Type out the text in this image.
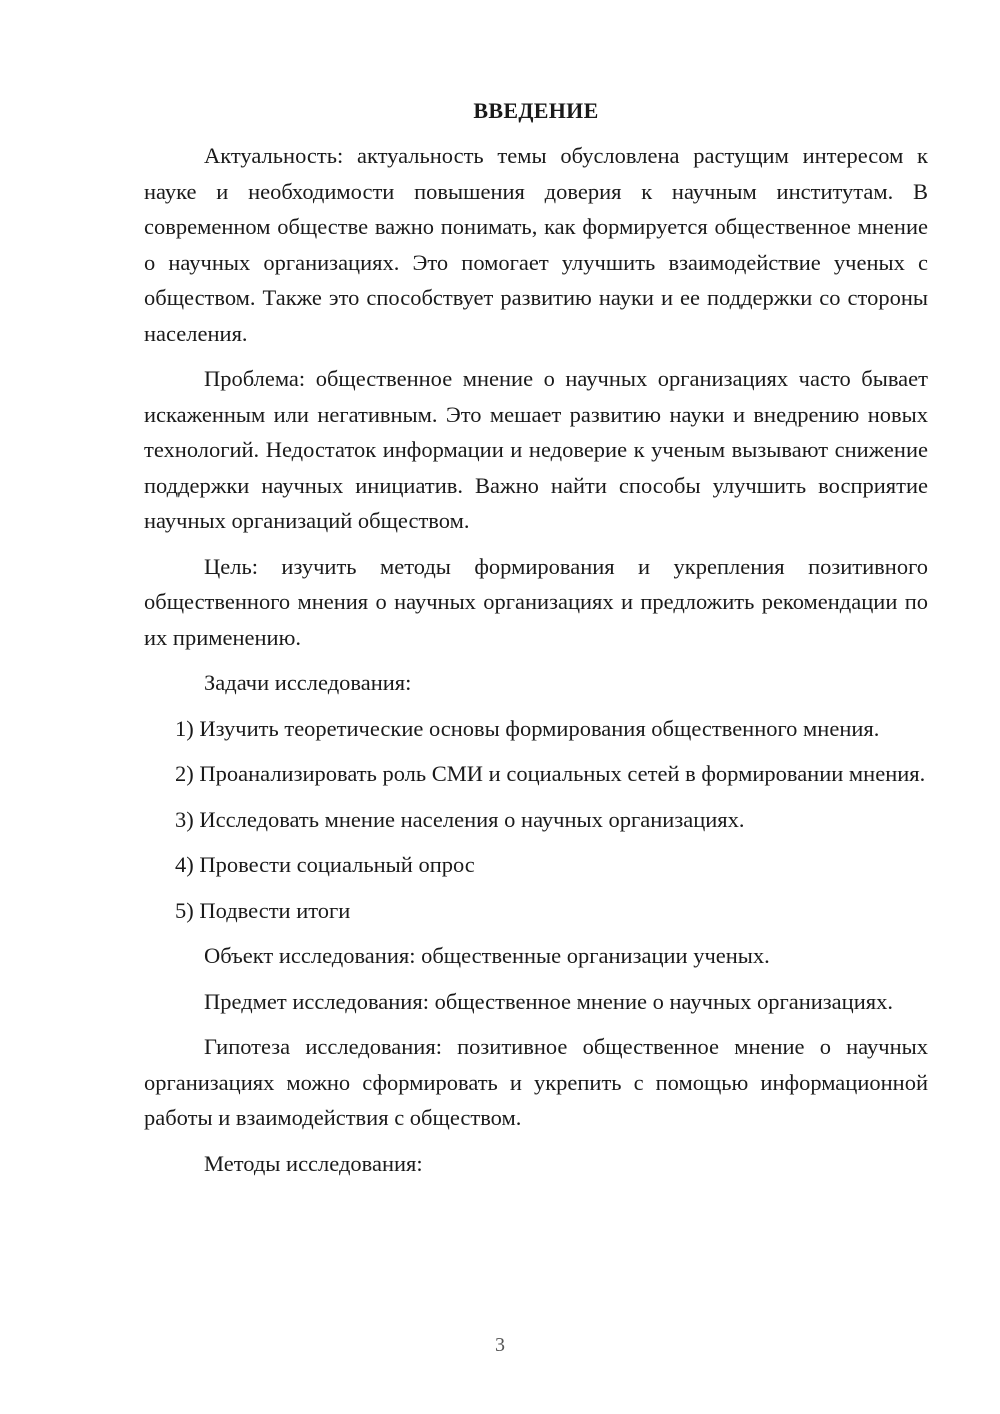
ВВЕДЕНИЕ

Актуальность: актуальность темы обусловлена растущим интересом к науке и необходимости повышения доверия к научным институтам. В современном обществе важно понимать, как формируется общественное мнение о научных организациях. Это помогает улучшить взаимодействие ученых с обществом. Также это способствует развитию науки и ее поддержки со стороны населения.

Проблема: общественное мнение о научных организациях часто бывает искаженным или негативным. Это мешает развитию науки и внедрению новых технологий. Недостаток информации и недоверие к ученым вызывают снижение поддержки научных инициатив. Важно найти способы улучшить восприятие научных организаций обществом.

Цель: изучить методы формирования и укрепления позитивного общественного мнения о научных организациях и предложить рекомендации по их применению.

Задачи исследования:

1) Изучить теоретические основы формирования общественного мнения.

2) Проанализировать роль СМИ и социальных сетей в формировании мнения.

3) Исследовать мнение населения о научных организациях.

4) Провести социальный опрос

5) Подвести итоги

Объект исследования: общественные организации ученых.

Предмет исследования: общественное мнение о научных организациях.

Гипотеза исследования: позитивное общественное мнение о научных организациях можно сформировать и укрепить с помощью информационной работы и взаимодействия с обществом.

Методы исследования:

3
